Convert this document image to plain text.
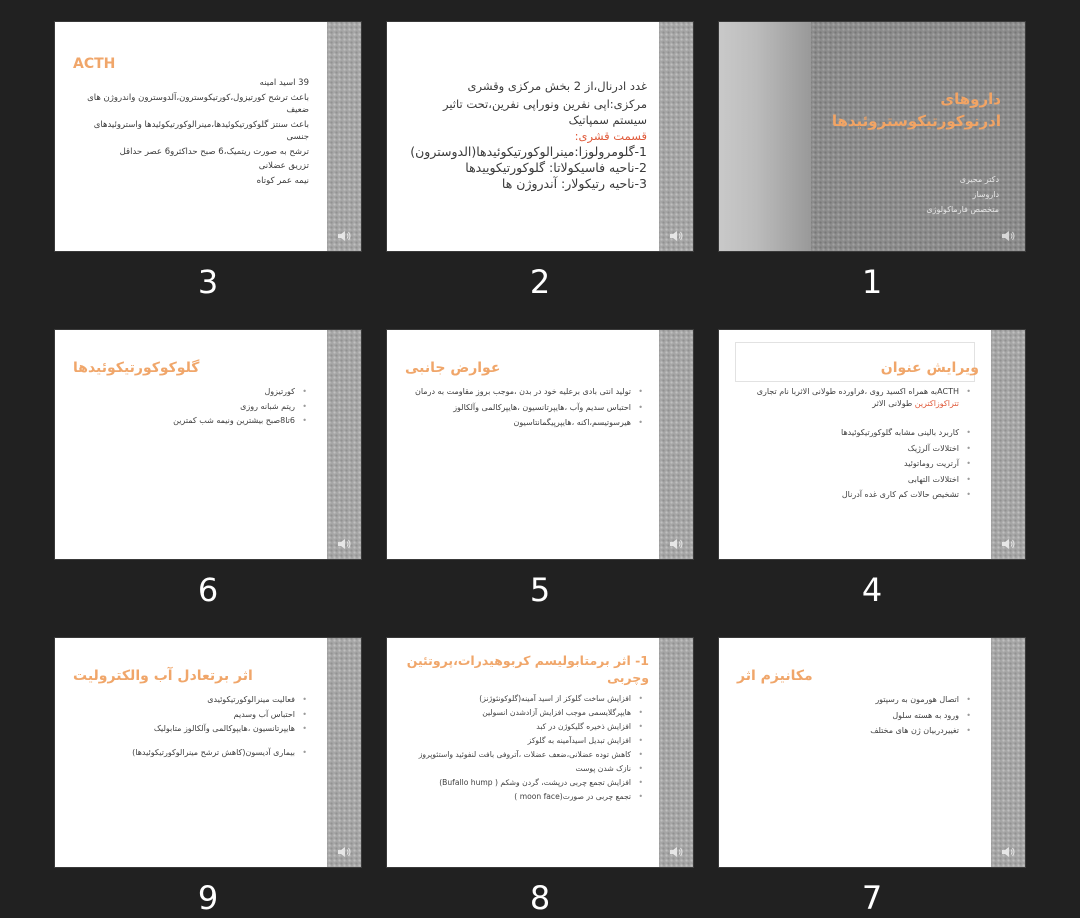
داروهای
ادرنوکورتیکوستروئیدها
دکتر مجیری
داروساز
متخصص فارماکولوژی
1
غدد ادرنال،از 2 بخش مرکزی وقشری
مرکزی:اپی نفرین ونوراپی نفرین،تحت تاثیر سیستم سمپاتیک
قسمت قشری:
1-گلومرولوزا:مینرالوکورتیکوئیدها(الدوسترون)
2-ناحیه فاسیکولاتا: گلوکورتیکوییدها
3-ناحیه رتیکولار: آندروژن ها
2
ACTH
39 اسید امینه
باعث ترشح کورتیزول،کورتیکوسترون،آلدوسترون واندروژن های ضعیف
باعث سنتز گلوکورتیکوئیدها،مینرالوکورتیکوئیدها واستروئیدهای جنسی
ترشح به صورت ریتمیک،6 صبح حداکثرو6 عصر حداقل
تزریق عضلانی
نیمه عمر کوتاه
3
ویرایش عنوان
• ACTHبه همراه اکسید روی ،فراورده طولانی الاثربا نام تجاری تتراکوزاکترین طولانی الاثر
• کاربرد بالینی مشابه گلوکورتیکوئیدها
• اختلالات آلرژیک
• آرتریت روماتوئید
• اختلالات التهابی
• تشخیص حالات کم کاری غده آدرنال
4
عوارض جانبی
• تولید انتی بادی برعلیه خود در بدن ،موجب بروز مقاومت به درمان
• احتباس سدیم وآب ،هایپرتانسیون ،هایپرکالمی وآلکالوز
• هیرسوتیسم،اکنه ،هایپرپیگمانتاسیون
5
گلوکوکورتیکوئیدها
• کورتیزول
• ریتم شبانه روزی
• 6تا8صبح بیشترین ونیمه شب کمترین
6
مکانیزم اثر
• اتصال هورمون به رسپتور
• ورود به هسته سلول
• تغییردربیان ژن های مختلف
7
1- اثر برمتابولیسم کربوهیدرات،پروتئین وچربی
• افزایش ساخت گلوکز از اسید آمینه(گلوکونئوژنز)
• هایپرگلایسمی موجب افزایش آزادشدن انسولین
• افزایش ذخیره گلیکوژن در کبد
• افزایش تبدیل اسیدآمینه به گلوکز
• کاهش توده عضلانی،ضعف عضلات ،آتروفی بافت لنفوئید واستئوپروز
• نازک شدن پوست
• افزایش تجمع چربی درپشت، گردن وشکم ( Bufallo hump)
• تجمع چربی در صورت(moon face )
8
اثر برتعادل آب والکترولیت
• فعالیت مینرالوکورتیکوئیدی
• احتباس آب وسدیم
• هایپرتانسیون ،هایپوکالمی وآلکالوز متابولیک
• بیماری آدیسون(کاهش ترشح مینرالوکورتیکوئیدها)
9
